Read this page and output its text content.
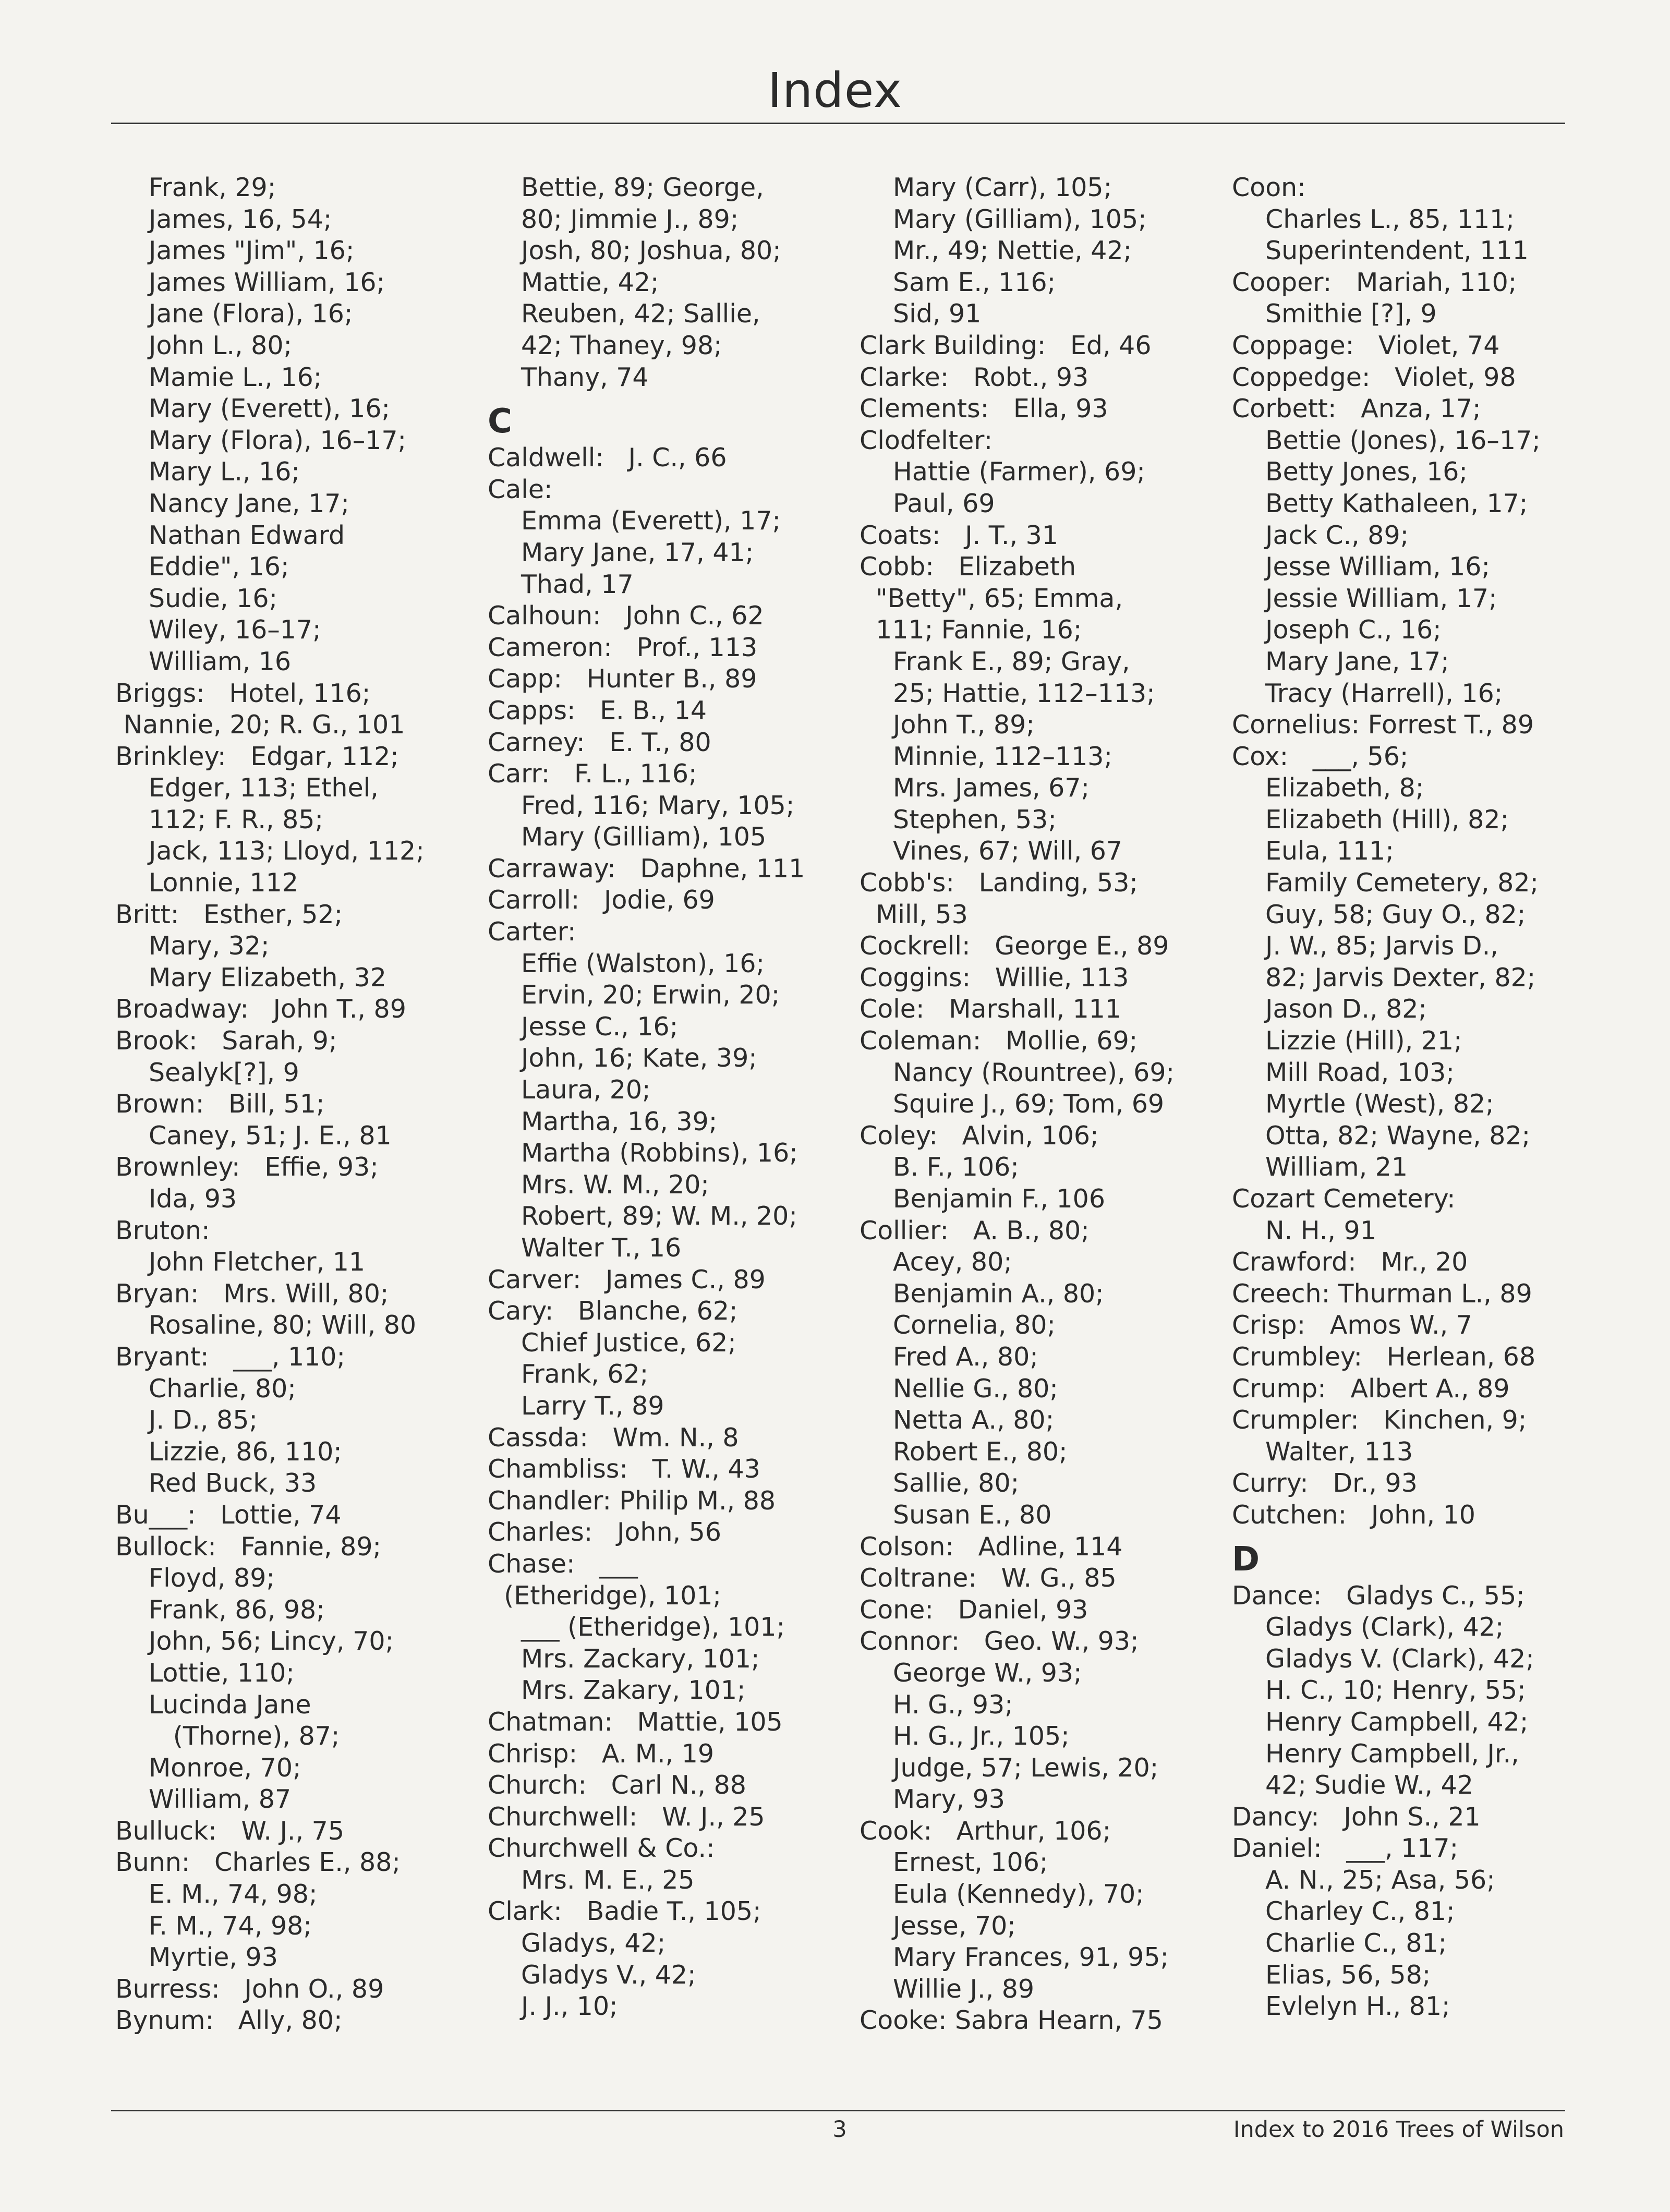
Index
Frank, 29;
James, 16, 54;
James "Jim", 16;
James William, 16;
Jane (Flora), 16;
John L., 80;
Mamie L., 16;
Mary (Everett), 16;
Mary (Flora), 16–17;
Mary L., 16;
Nancy Jane, 17;
Nathan Edward
Eddie", 16;
Sudie, 16;
Wiley, 16–17;
William, 16
Briggs:   Hotel, 116;
Nannie, 20; R. G., 101
Brinkley:   Edgar, 112;
Edger, 113; Ethel,
112; F. R., 85;
Jack, 113; Lloyd, 112;
Lonnie, 112
Britt:   Esther, 52;
Mary, 32;
Mary Elizabeth, 32
Broadway:   John T., 89
Brook:   Sarah, 9;
Sealyk[?], 9
Brown:   Bill, 51;
Caney, 51; J. E., 81
Brownley:   Effie, 93;
Ida, 93
Bruton:
John Fletcher, 11
Bryan:   Mrs. Will, 80;
Rosaline, 80; Will, 80
Bryant:   ___, 110;
Charlie, 80;
J. D., 85;
Lizzie, 86, 110;
Red Buck, 33
Bu___:   Lottie, 74
Bullock:   Fannie, 89;
Floyd, 89;
Frank, 86, 98;
John, 56; Lincy, 70;
Lottie, 110;
Lucinda Jane
(Thorne), 87;
Monroe, 70;
William, 87
Bulluck:   W. J., 75
Bunn:   Charles E., 88;
E. M., 74, 98;
F. M., 74, 98;
Myrtie, 93
Burress:   John O., 89
Bynum:   Ally, 80;
Bettie, 89; George,
80; Jimmie J., 89;
Josh, 80; Joshua, 80;
Mattie, 42;
Reuben, 42; Sallie,
42; Thaney, 98;
Thany, 74
C
Caldwell:   J. C., 66
Cale:
Emma (Everett), 17;
Mary Jane, 17, 41;
Thad, 17
Calhoun:   John C., 62
Cameron:   Prof., 113
Capp:   Hunter B., 89
Capps:   E. B., 14
Carney:   E. T., 80
Carr:   F. L., 116;
Fred, 116; Mary, 105;
Mary (Gilliam), 105
Carraway:   Daphne, 111
Carroll:   Jodie, 69
Carter:
Effie (Walston), 16;
Ervin, 20; Erwin, 20;
Jesse C., 16;
John, 16; Kate, 39;
Laura, 20;
Martha, 16, 39;
Martha (Robbins), 16;
Mrs. W. M., 20;
Robert, 89; W. M., 20;
Walter T., 16
Carver:   James C., 89
Cary:   Blanche, 62;
Chief Justice, 62;
Frank, 62;
Larry T., 89
Cassda:   Wm. N., 8
Chambliss:   T. W., 43
Chandler: Philip M., 88
Charles:   John, 56
Chase:   ___
(Etheridge), 101;
___ (Etheridge), 101;
Mrs. Zackary, 101;
Mrs. Zakary, 101;
Chatman:   Mattie, 105
Chrisp:   A. M., 19
Church:   Carl N., 88
Churchwell:   W. J., 25
Churchwell & Co.:
Mrs. M. E., 25
Clark:   Badie T., 105;
Gladys, 42;
Gladys V., 42;
J. J., 10;
Mary (Carr), 105;
Mary (Gilliam), 105;
Mr., 49; Nettie, 42;
Sam E., 116;
Sid, 91
Clark Building:   Ed, 46
Clarke:   Robt., 93
Clements:   Ella, 93
Clodfelter:
Hattie (Farmer), 69;
Paul, 69
Coats:   J. T., 31
Cobb:   Elizabeth
"Betty", 65; Emma,
111; Fannie, 16;
Frank E., 89; Gray,
25; Hattie, 112–113;
John T., 89;
Minnie, 112–113;
Mrs. James, 67;
Stephen, 53;
Vines, 67; Will, 67
Cobb's:   Landing, 53;
Mill, 53
Cockrell:   George E., 89
Coggins:   Willie, 113
Cole:   Marshall, 111
Coleman:   Mollie, 69;
Nancy (Rountree), 69;
Squire J., 69; Tom, 69
Coley:   Alvin, 106;
B. F., 106;
Benjamin F., 106
Collier:   A. B., 80;
Acey, 80;
Benjamin A., 80;
Cornelia, 80;
Fred A., 80;
Nellie G., 80;
Netta A., 80;
Robert E., 80;
Sallie, 80;
Susan E., 80
Colson:   Adline, 114
Coltrane:   W. G., 85
Cone:   Daniel, 93
Connor:   Geo. W., 93;
George W., 93;
H. G., 93;
H. G., Jr., 105;
Judge, 57; Lewis, 20;
Mary, 93
Cook:   Arthur, 106;
Ernest, 106;
Eula (Kennedy), 70;
Jesse, 70;
Mary Frances, 91, 95;
Willie J., 89
Cooke: Sabra Hearn, 75
Coon:
Charles L., 85, 111;
Superintendent, 111
Cooper:   Mariah, 110;
Smithie [?], 9
Coppage:   Violet, 74
Coppedge:   Violet, 98
Corbett:   Anza, 17;
Bettie (Jones), 16–17;
Betty Jones, 16;
Betty Kathaleen, 17;
Jack C., 89;
Jesse William, 16;
Jessie William, 17;
Joseph C., 16;
Mary Jane, 17;
Tracy (Harrell), 16;
Cornelius: Forrest T., 89
Cox:   ___, 56;
Elizabeth, 8;
Elizabeth (Hill), 82;
Eula, 111;
Family Cemetery, 82;
Guy, 58; Guy O., 82;
J. W., 85; Jarvis D.,
82; Jarvis Dexter, 82;
Jason D., 82;
Lizzie (Hill), 21;
Mill Road, 103;
Myrtle (West), 82;
Otta, 82; Wayne, 82;
William, 21
Cozart Cemetery:
N. H., 91
Crawford:   Mr., 20
Creech: Thurman L., 89
Crisp:   Amos W., 7
Crumbley:   Herlean, 68
Crump:   Albert A., 89
Crumpler:   Kinchen, 9;
Walter, 113
Curry:   Dr., 93
Cutchen:   John, 10
D
Dance:   Gladys C., 55;
Gladys (Clark), 42;
Gladys V. (Clark), 42;
H. C., 10; Henry, 55;
Henry Campbell, 42;
Henry Campbell, Jr.,
42; Sudie W., 42
Dancy:   John S., 21
Daniel:   ___, 117;
A. N., 25; Asa, 56;
Charley C., 81;
Charlie C., 81;
Elias, 56, 58;
Evlelyn H., 81;
3	Index to 2016 Trees of Wilson
